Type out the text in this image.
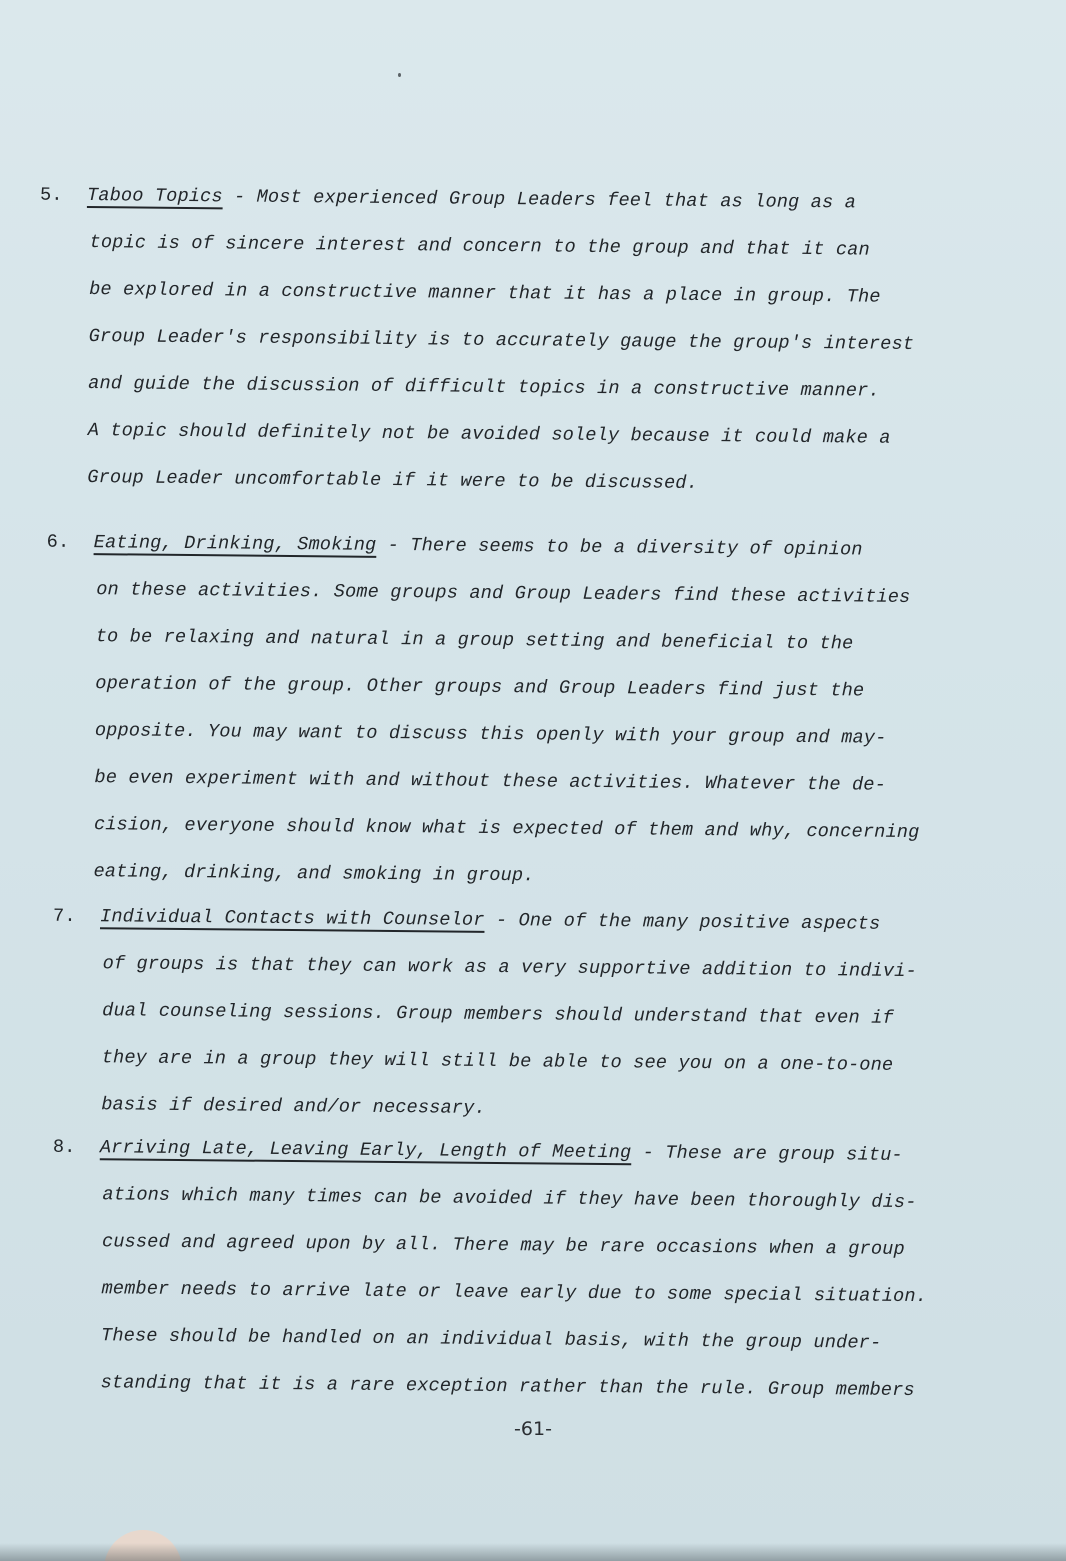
5. Taboo Topics - Most experienced Group Leaders feel that as long as a
topic is of sincere interest and concern to the group and that it can
be explored in a constructive manner that it has a place in group. The
Group Leader's responsibility is to accurately gauge the group's interest
and guide the discussion of difficult topics in a constructive manner.
A topic should definitely not be avoided solely because it could make a
Group Leader uncomfortable if it were to be discussed.
6. Eating, Drinking, Smoking - There seems to be a diversity of opinion
on these activities. Some groups and Group Leaders find these activities
to be relaxing and natural in a group setting and beneficial to the
operation of the group. Other groups and Group Leaders find just the
opposite. You may want to discuss this openly with your group and may-
be even experiment with and without these activities. Whatever the de-
cision, everyone should know what is expected of them and why, concerning
eating, drinking, and smoking in group.
7. Individual Contacts with Counselor - One of the many positive aspects
of groups is that they can work as a very supportive addition to indivi-
dual counseling sessions. Group members should understand that even if
they are in a group they will still be able to see you on a one-to-one
basis if desired and/or necessary.
8. Arriving Late, Leaving Early, Length of Meeting - These are group situ-
ations which many times can be avoided if they have been thoroughly dis-
cussed and agreed upon by all. There may be rare occasions when a group
member needs to arrive late or leave early due to some special situation.
These should be handled on an individual basis, with the group under-
standing that it is a rare exception rather than the rule. Group members
-61-
